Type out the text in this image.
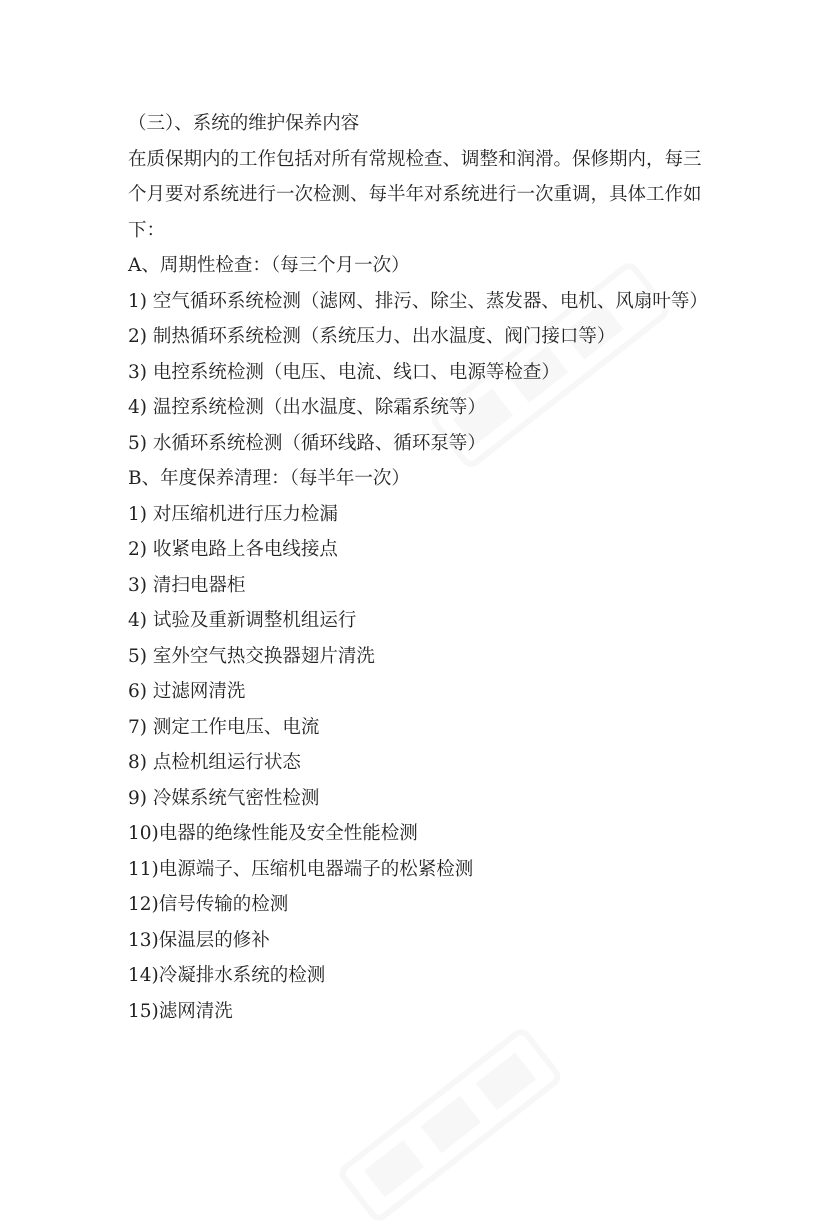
（三）、系统的维护保养内容
在质保期内的工作包括对所有常规检查、调整和润滑。保修期内，每三个月要对系统进行一次检测、每半年对系统进行一次重调，具体工作如下：
A、周期性检查：（每三个月一次）
1) 空气循环系统检测（滤网、排污、除尘、蒸发器、电机、风扇叶等）
2) 制热循环系统检测（系统压力、出水温度、阀门接口等）
3) 电控系统检测（电压、电流、线口、电源等检查）
4) 温控系统检测（出水温度、除霜系统等）
5) 水循环系统检测（循环线路、循环泵等）
B、年度保养清理：（每半年一次）
1) 对压缩机进行压力检漏
2) 收紧电路上各电线接点
3) 清扫电器柜
4) 试验及重新调整机组运行
5) 室外空气热交换器翅片清洗
6) 过滤网清洗
7) 测定工作电压、电流
8) 点检机组运行状态
9) 冷媒系统气密性检测
10)电器的绝缘性能及安全性能检测
11)电源端子、压缩机电器端子的松紧检测
12)信号传输的检测
13)保温层的修补
14)冷凝排水系统的检测
15)滤网清洗
